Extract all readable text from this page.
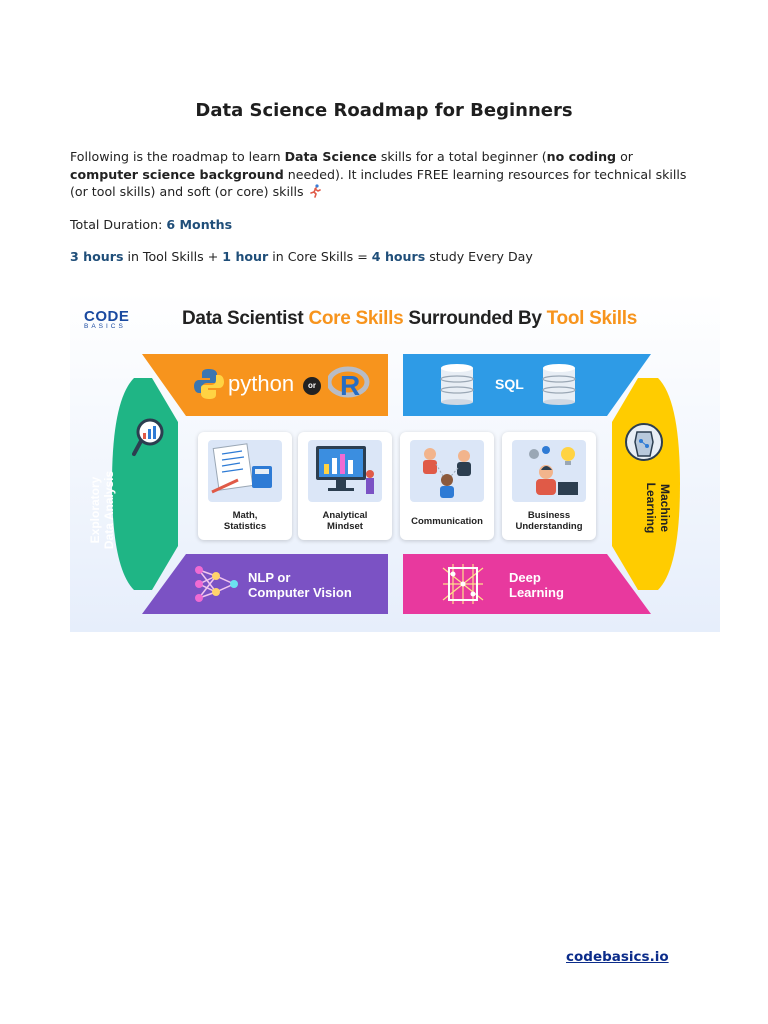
Data Science Roadmap for Beginners
Following is the roadmap to learn Data Science skills for a total beginner (no coding or computer science background needed). It includes FREE learning resources for technical skills (or tool skills) and soft (or core) skills
Total Duration: 6 Months
3 hours in Tool Skills + 1 hour in Core Skills = 4 hours study Every Day
CODE
BASICS	Data Scientist Core Skills Surrounded By Tool Skills
python	or R	SQL
Exploratory Data Analysis	Machine
Learning
NLP or
Computer Vision
Deep
Learning
Math,
Statistics
Analytical
Mindset	Communication
Business
Understanding
codebasics.io
